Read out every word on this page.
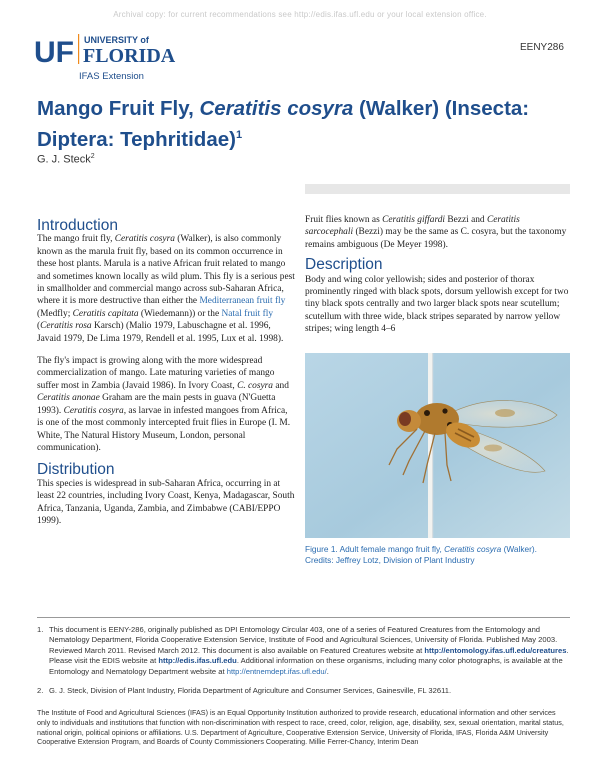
Archival copy: for current recommendations see http://edis.ifas.ufl.edu or your local extension office.
UF UNIVERSITY of
FLORIDA
IFAS Extension
EENY286
Mango Fruit Fly, Ceratitis cosyra (Walker) (Insecta: Diptera: Tephritidae)$^1$
G. J. Steck$^2$
Introduction

The mango fruit fly, Ceratitis cosyra (Walker), is also commonly known as the marula fruit fly, based on its common occurrence in these host plants. Marula is a native African fruit related to mango and sometimes known locally as wild plum. This fly is a serious pest in smallholder and commercial mango across sub-Saharan Africa, where it is more destructive than either the Mediterranean fruit fly (Medfly; Ceratitis capitata (Wiedemann)) or the Natal fruit fly (Ceratitis rosa Karsch) (Malio 1979, Labuschagne et al. 1996, Javaid 1979, De Lima 1979, Rendell et al. 1995, Lux et al. 1998).

The fly's impact is growing along with the more widespread commercialization of mango. Late maturing varieties of mango suffer most in Zambia (Javaid 1986). In Ivory Coast, C. cosyra and Ceratitis anonae Graham are the main pests in guava (N'Guetta 1993). Ceratitis cosyra, as larvae in infested mangoes from Africa, is one of the most commonly intercepted fruit flies in Europe (I. M. White, The Natural History Museum, London, personal communication).

Distribution

This species is widespread in sub-Saharan Africa, occurring in at least 22 countries, including Ivory Coast, Kenya, Madagascar, South Africa, Tanzania, Uganda, Zambia, and Zimbabwe (CABI/EPPO 1999).

Fruit flies known as Ceratitis giffardi Bezzi and Ceratitis sarcocephali (Bezzi) may be the same as C. cosyra, but the taxonomy remains ambiguous (De Meyer 1998).

Description

Body and wing color yellowish; sides and posterior of thorax prominently ringed with black spots, dorsum yellowish except for two tiny black spots centrally and two larger black spots near scutellum; scutellum with three wide, black stripes separated by narrow yellow stripes; wing length 4–6

Figure 1. Adult female mango fruit fly, Ceratitis cosyra (Walker).
Credits: Jeffrey Lotz, Division of Plant Industry
1. This document is EENY-286, originally published as DPI Entomology Circular 403, one of a series of Featured Creatures from the Entomology and Nematology Department, Florida Cooperative Extension Service, Institute of Food and Agricultural Sciences, University of Florida. Published May 2003. Reviewed March 2011. Revised March 2012. This document is also available on Featured Creatures website at http://entomology.ifas.ufl.edu/creatures. Please visit the EDIS website at http://edis.ifas.ufl.edu. Additional information on these organisms, including many color photographs, is available at the Entomology and Nematology Department website at http://entnemdept.ifas.ufl.edu/.
2. G. J. Steck, Division of Plant Industry, Florida Department of Agriculture and Consumer Services, Gainesville, FL 32611.
The Institute of Food and Agricultural Sciences (IFAS) is an Equal Opportunity Institution authorized to provide research, educational information and other services only to individuals and institutions that function with non-discrimination with respect to race, creed, color, religion, age, disability, sex, sexual orientation, marital status, national origin, political opinions or affiliations. U.S. Department of Agriculture, Cooperative Extension Service, University of Florida, IFAS, Florida A&M University Cooperative Extension Program, and Boards of County Commissioners Cooperating. Millie Ferrer-Chancy, Interim Dean
